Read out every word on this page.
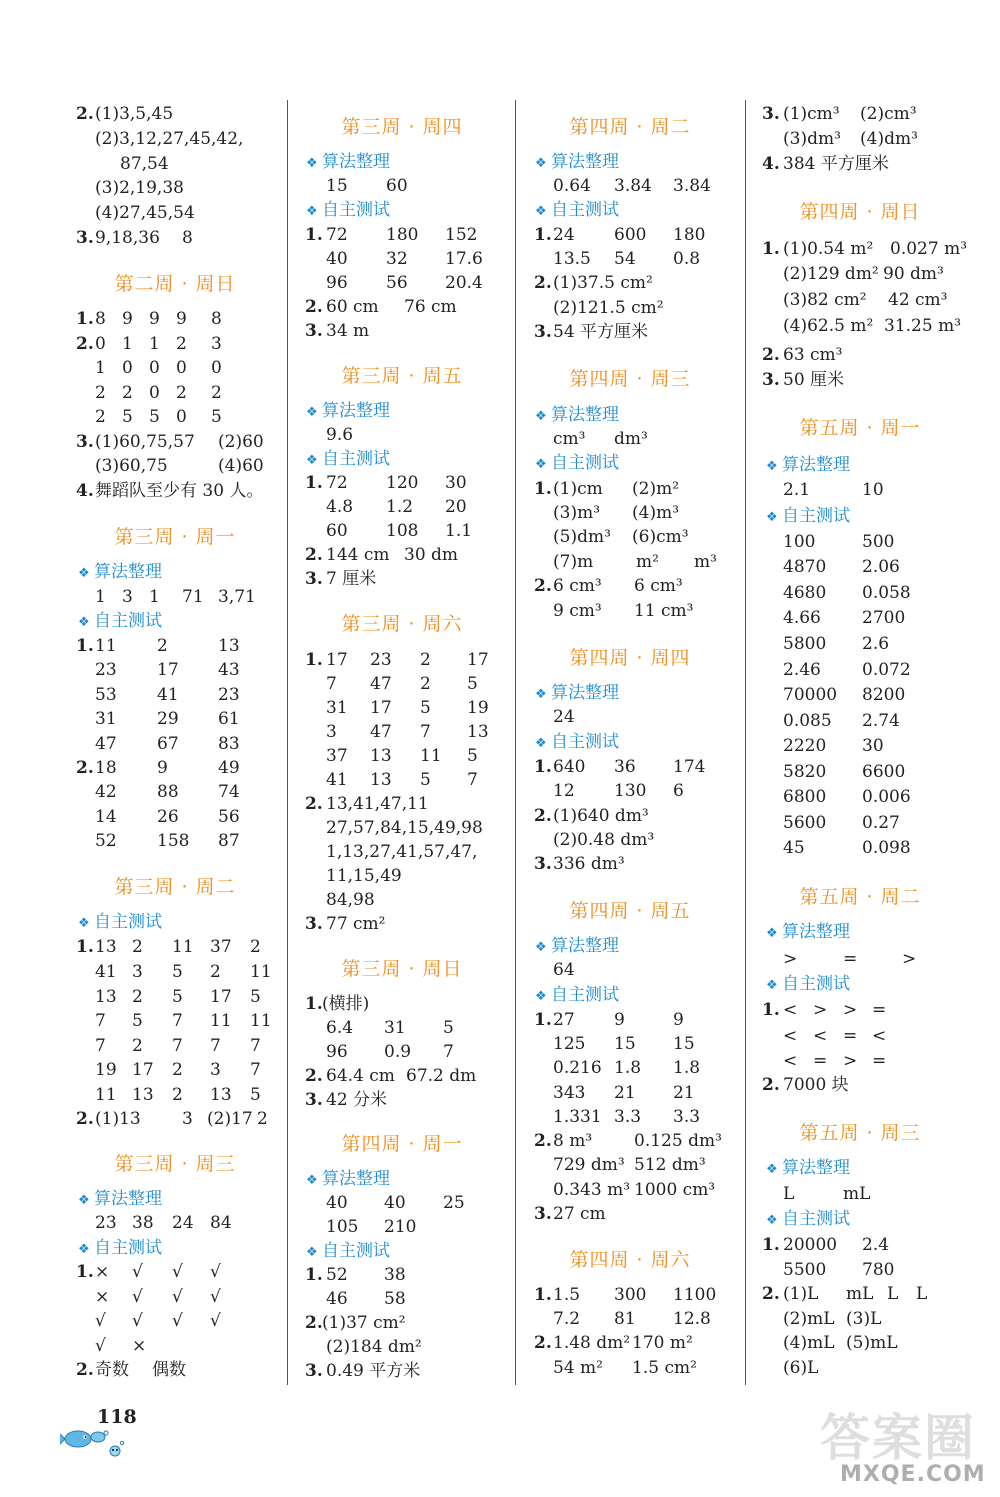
2. (1)3,5,45
(2)3,12,27,45,42,
87,54
(3)2,19,38
(4)27,45,54
3. 9,18,36 8
第二周 · 周日
1. 8 9 9 9 8
2. 0 1 1 2 3
1 0 0 0 0
2 2 0 2 2
2 5 5 0 5
3. (1)60,75,57 (2)60
(3)60,75	(4)60
4. 舞蹈队至少有 30 人。
第三周 · 周一
❖ 算法整理
1 3 1 71 3,71
❖ 自主测试
1. 11 2	13
23 17 43
53 41 23
31 29 61
47 67 83
2. 18 9	49
42 88 74
14 26 56
52 158 87
第三周 · 周二
❖ 自主测试
1. 13 2 11 37 2
41 3 5 2 11
13 2 5 17 5
7 5 7 11 11
7 2 7 7 7
19 17 2 3 7
11 13 2 13 5
2. (1)13 3 (2)17 2
第三周 · 周三
❖ 算法整理
23 38 24 84
❖ 自主测试
1. × √ √ √
× √ √ √
√ √ √ √
√ ×
2. 奇数 偶数
第三周 · 周四
❖ 算法整理
15 60
❖ 自主测试
1. 72 180 152
40 32 17.6
96 56 20.4
2. 60 cm 76 cm
3. 34 m
第三周 · 周五
❖ 算法整理
9.6
❖ 自主测试
1. 72 120 30
4.8 1.2 20
60 108 1.1
2. 144 cm 30 dm
3. 7 厘米
第三周 · 周六
1. 17 23 2 17
7 47 2 5
31 17 5 19
3 47 7 13
37 13 11 5
41 13 5 7
2. 13,41,47,11
27,57,84,15,49,98
1,13,27,41,57,47,
11,15,49
84,98
3. 77 cm²
第三周 · 周日
1. (横排)
6.4 31 5
96 0.9 7
2. 64.4 cm 67.2 dm
3. 42 分米
第四周 · 周一
❖ 算法整理
40 40 25
105 210
❖ 自主测试
1. 52 38
46 58
2. (1)37 cm²
(2)184 dm²
3. 0.49 平方米
第四周 · 周二
❖ 算法整理
0.64 3.84 3.84
❖ 自主测试
1. 24 600 180
13.5 54 0.8
2. (1)37.5 cm²
(2)121.5 cm²
3. 54 平方厘米
第四周 · 周三
❖ 算法整理
cm³ dm³
❖ 自主测试
1. (1)cm (2)m²
(3)m³ (4)m³
(5)dm³ (6)cm³
(7)m	m² m³
2. 6 cm³ 6 cm³
9 cm³ 11 cm³
第四周 · 周四
❖ 算法整理
24
❖ 自主测试
1. 640 36 174
12 130 6
2. (1)640 dm³
(2)0.48 dm³
3. 336 dm³
第四周 · 周五
❖ 算法整理
64
❖ 自主测试
1. 27 9	9
125 15 15
0.216 1.8 1.8
343 21 21
1.331 3.3 3.3
2. 8 m³ 0.125 dm³
729 dm³ 512 dm³
0.343 m³ 1000 cm³
3. 27 cm
第四周 · 周六
1. 1.5 300 1100
7.2 81 12.8
2. 1.48 dm² 170 m²
54 m² 1.5 cm²
3. (1)cm³ (2)cm³
(3)dm³ (4)dm³
4. 384 平方厘米
第四周 · 周日
1. (1)0.54 m² 0.027 m³
(2)129 dm² 90 dm³
(3)82 cm² 42 cm³
(4)62.5 m² 31.25 m³
2. 63 cm³
3. 50 厘米
第五周 · 周一
❖ 算法整理
2.1	10
❖ 自主测试
100	500
4870 2.06
4680 0.058
4.66 2700
5800 2.6
2.46 0.072
70000 8200
0.085 2.74
2220 30
5820 6600
6800 0.006
5600 0.27
45	0.098
第五周 · 周二
❖ 算法整理
>	=	>
❖ 自主测试
1. < > > =
< < = <
< = > =
2. 7000 块
第五周 · 周三
❖ 算法整理
L	mL
❖ 自主测试
1. 20000 2.4
5500 780
2. (1)L mL L L
(2)mL (3)L
(4)mL (5)mL
(6)L
118	答案圈
MXQE.COM
